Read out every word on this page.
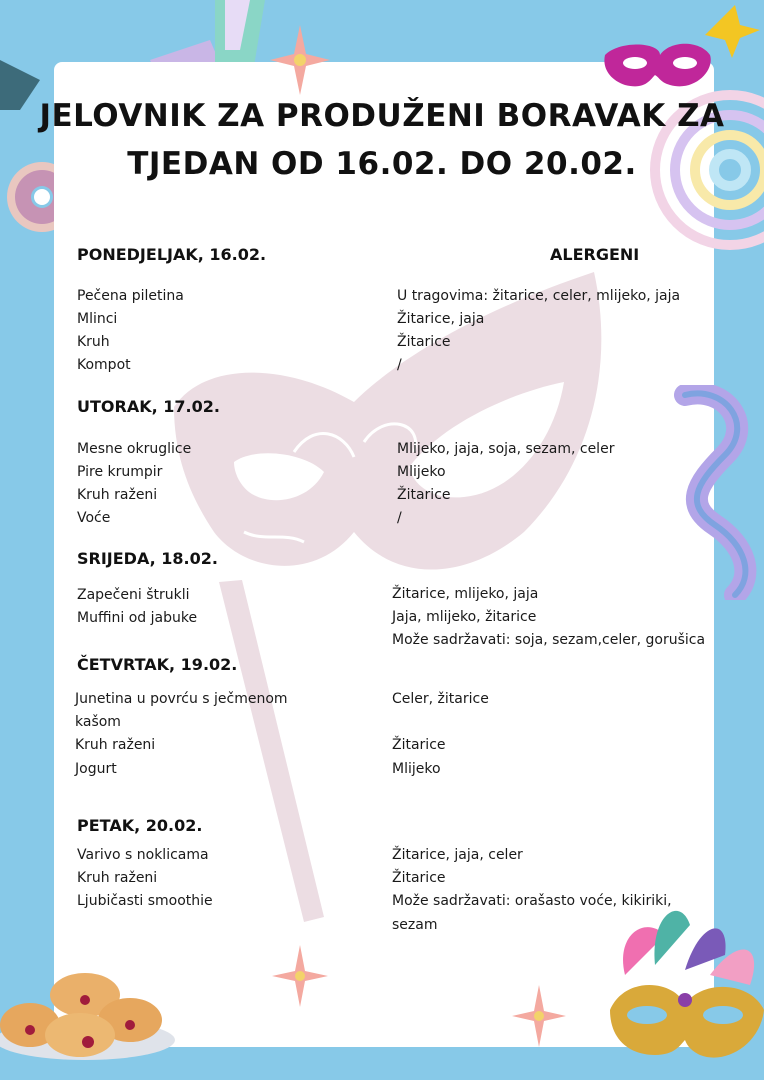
JELOVNIK ZA PRODUŽENI BORAVAK ZA
TJEDAN OD 16.02. DO 20.02.
ALERGENI
PONEDJELJAK, 16.02.
Pečena piletina	U tragovima: žitarice, celer, mlijeko, jaja
Mlinci	Žitarice, jaja
Kruh	Žitarice
Kompot	/
UTORAK, 17.02.
Mesne okruglice	Mlijeko, jaja, soja, sezam, celer
Pire krumpir	Mlijeko
Kruh raženi	Žitarice
Voće	/
SRIJEDA, 18.02.
Zapečeni štrukli	Žitarice, mlijeko, jaja
Muffini od jabuke	Jaja, mlijeko, žitarice
Može sadržavati: soja, sezam,celer, gorušica
ČETVRTAK, 19.02.
Junetina u povrću s ječmenom	Celer, žitarice
kašom
Kruh raženi	Žitarice
Jogurt	Mlijeko
PETAK, 20.02.
Varivo s noklicama	Žitarice, jaja, celer
Kruh raženi	Žitarice
Ljubičasti smoothie	Može sadržavati: orašasto voće, kikiriki,
sezam
